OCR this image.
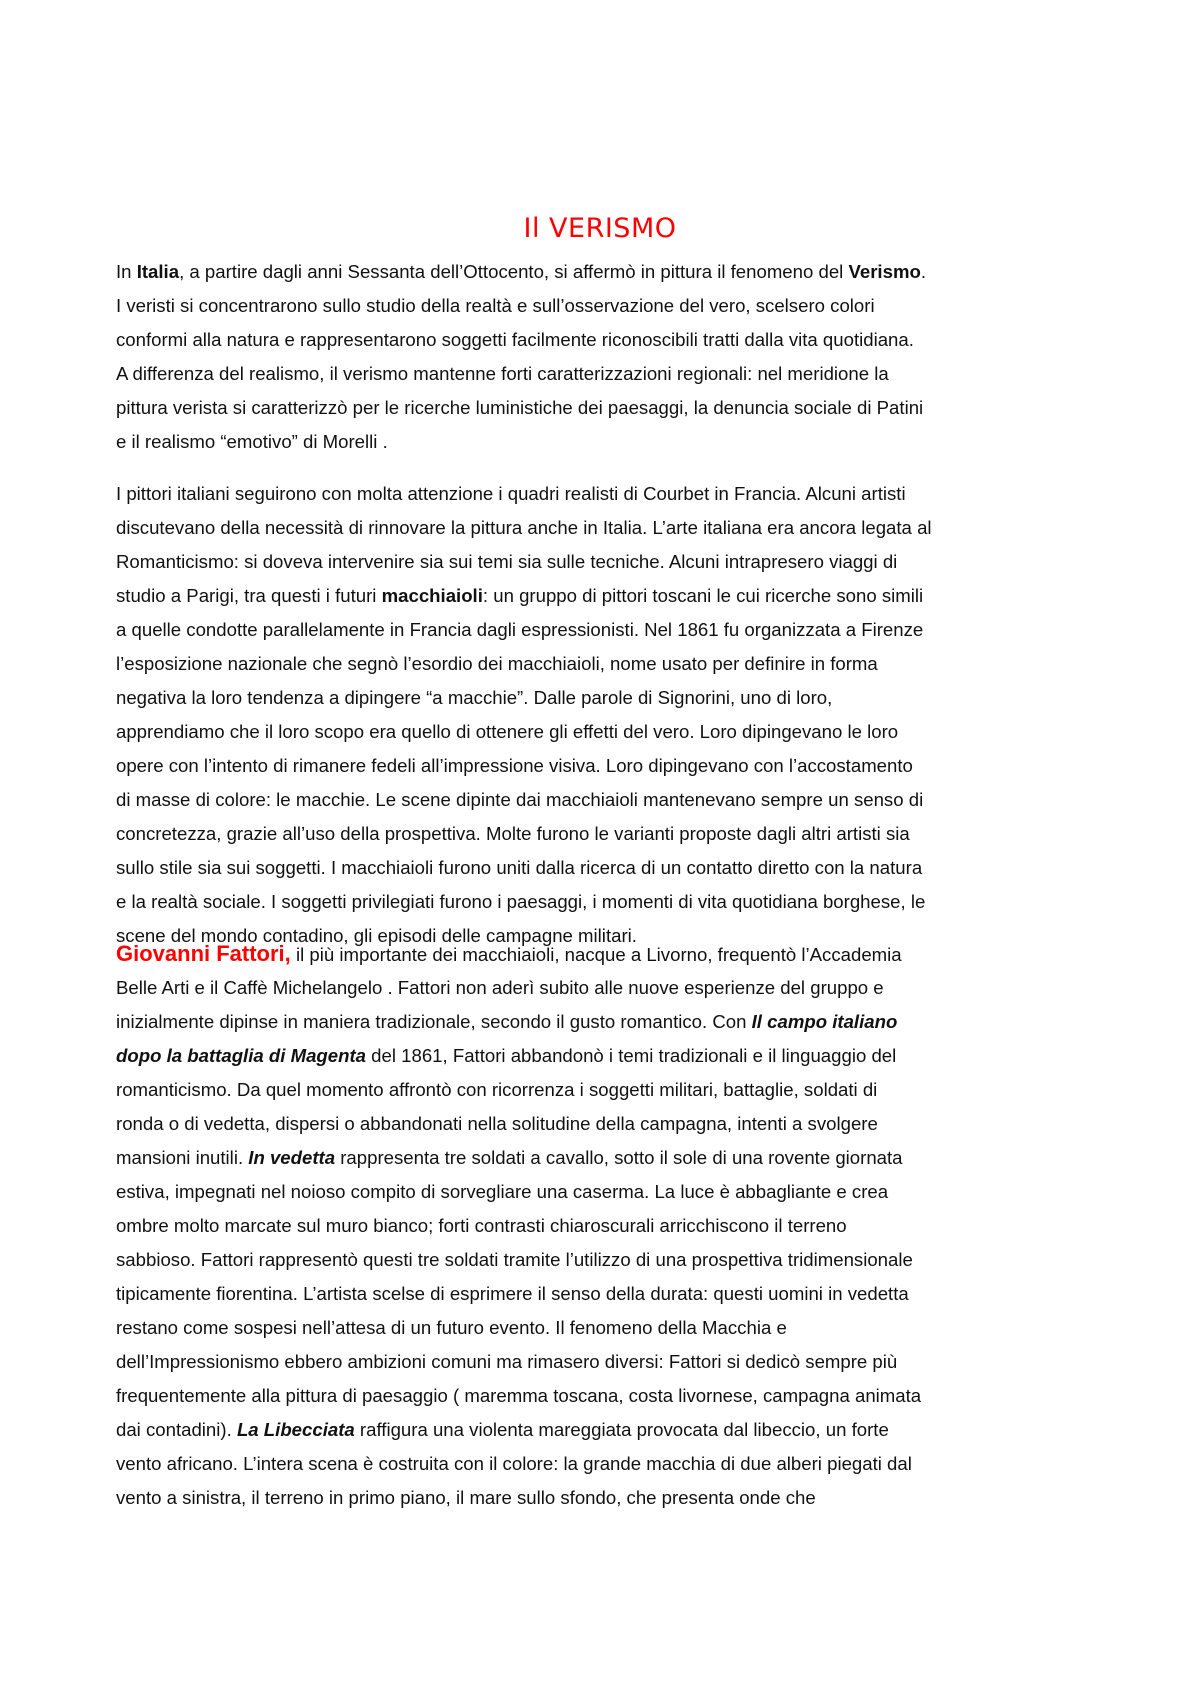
Il VERISMO
In Italia, a partire dagli anni Sessanta dell’Ottocento, si affermò in pittura il fenomeno del Verismo.
I veristi si concentrarono sullo studio della realtà e sull’osservazione del vero, scelsero colori
conformi alla natura e rappresentarono soggetti facilmente riconoscibili tratti dalla vita quotidiana.
A differenza del realismo, il verismo mantenne forti caratterizzazioni regionali: nel meridione la
pittura verista si caratterizzò per le ricerche luministiche dei paesaggi, la denuncia sociale di Patini
e il realismo “emotivo” di Morelli .
I pittori italiani seguirono con molta attenzione i quadri realisti di Courbet in Francia. Alcuni artisti
discutevano della necessità di rinnovare la pittura anche in Italia. L’arte italiana era ancora legata al
Romanticismo: si doveva intervenire sia sui temi sia sulle tecniche. Alcuni intrapresero viaggi di
studio a Parigi, tra questi i futuri macchiaioli: un gruppo di pittori toscani le cui ricerche sono simili
a quelle condotte parallelamente in Francia dagli espressionisti. Nel 1861 fu organizzata a Firenze
l’esposizione nazionale che segnò l’esordio dei macchiaioli, nome usato per definire in forma
negativa la loro tendenza a dipingere “a macchie”. Dalle parole di Signorini, uno di loro,
apprendiamo che il loro scopo era quello di ottenere gli effetti del vero. Loro dipingevano le loro
opere con l’intento di rimanere fedeli all’impressione visiva. Loro dipingevano con l’accostamento
di masse di colore: le macchie. Le scene dipinte dai macchiaioli mantenevano sempre un senso di
concretezza, grazie all’uso della prospettiva. Molte furono le varianti proposte dagli altri artisti sia
sullo stile sia sui soggetti. I macchiaioli furono uniti dalla ricerca di un contatto diretto con la natura
e la realtà sociale. I soggetti privilegiati furono i paesaggi, i momenti di vita quotidiana borghese, le
scene del mondo contadino, gli episodi delle campagne militari.
Giovanni Fattori, il più importante dei macchiaioli, nacque a Livorno, frequentò l’Accademia
Belle Arti e il Caffè Michelangelo . Fattori non aderì subito alle nuove esperienze del gruppo e
inizialmente dipinse in maniera tradizionale, secondo il gusto romantico. Con Il campo italiano
dopo la battaglia di Magenta del 1861, Fattori abbandonò i temi tradizionali e il linguaggio del
romanticismo. Da quel momento affrontò con ricorrenza i soggetti militari, battaglie, soldati di
ronda o di vedetta, dispersi o abbandonati nella solitudine della campagna, intenti a svolgere
mansioni inutili. In vedetta rappresenta tre soldati a cavallo, sotto il sole di una rovente giornata
estiva, impegnati nel noioso compito di sorvegliare una caserma. La luce è abbagliante e crea
ombre molto marcate sul muro bianco; forti contrasti chiaroscurali arricchiscono il terreno
sabbioso. Fattori rappresentò questi tre soldati tramite l’utilizzo di una prospettiva tridimensionale
tipicamente fiorentina. L’artista scelse di esprimere il senso della durata: questi uomini in vedetta
restano come sospesi nell’attesa di un futuro evento. Il fenomeno della Macchia e
dell’Impressionismo ebbero ambizioni comuni ma rimasero diversi: Fattori si dedicò sempre più
frequentemente alla pittura di paesaggio ( maremma toscana, costa livornese, campagna animata
dai contadini). La Libecciata raffigura una violenta mareggiata provocata dal libeccio, un forte
vento africano. L’intera scena è costruita con il colore: la grande macchia di due alberi piegati dal
vento a sinistra, il terreno in primo piano, il mare sullo sfondo, che presenta onde che
